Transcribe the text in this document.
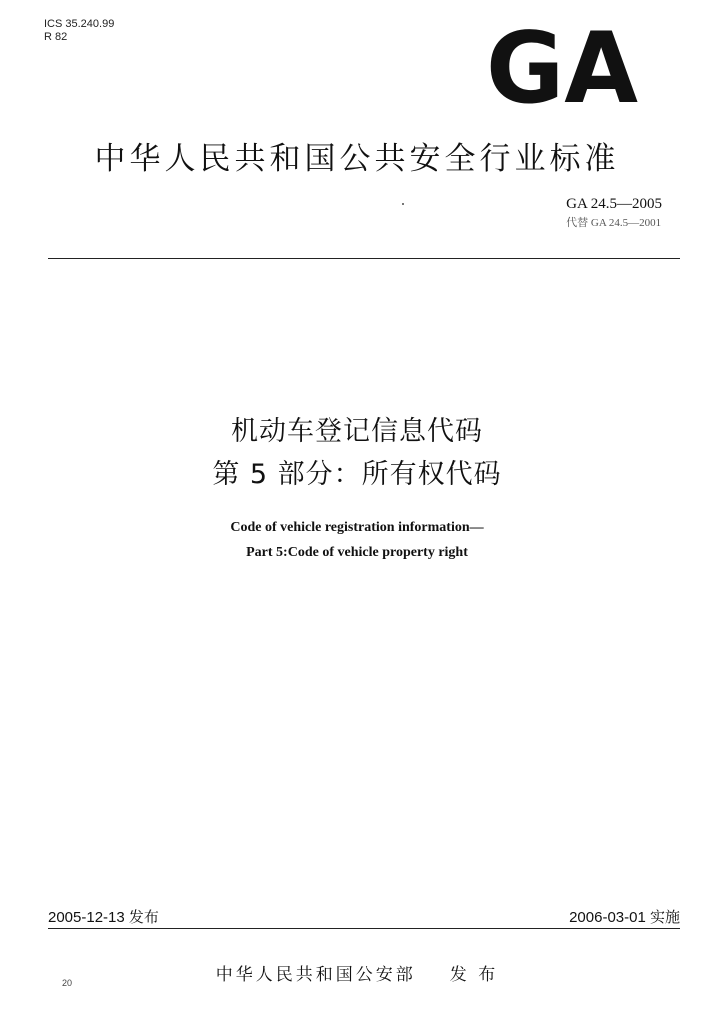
ICS 35.240.99
R 82	GA
中华人民共和国公共安全行业标准
GA 24.5—2005
代替 GA 24.5—2001
机动车登记信息代码
第 5 部分：所有权代码
Code of vehicle registration information—
Part 5:Code of vehicle property right
2005-12-13 发布	2006-03-01 实施
20	中华人民共和国公安部 发 布
